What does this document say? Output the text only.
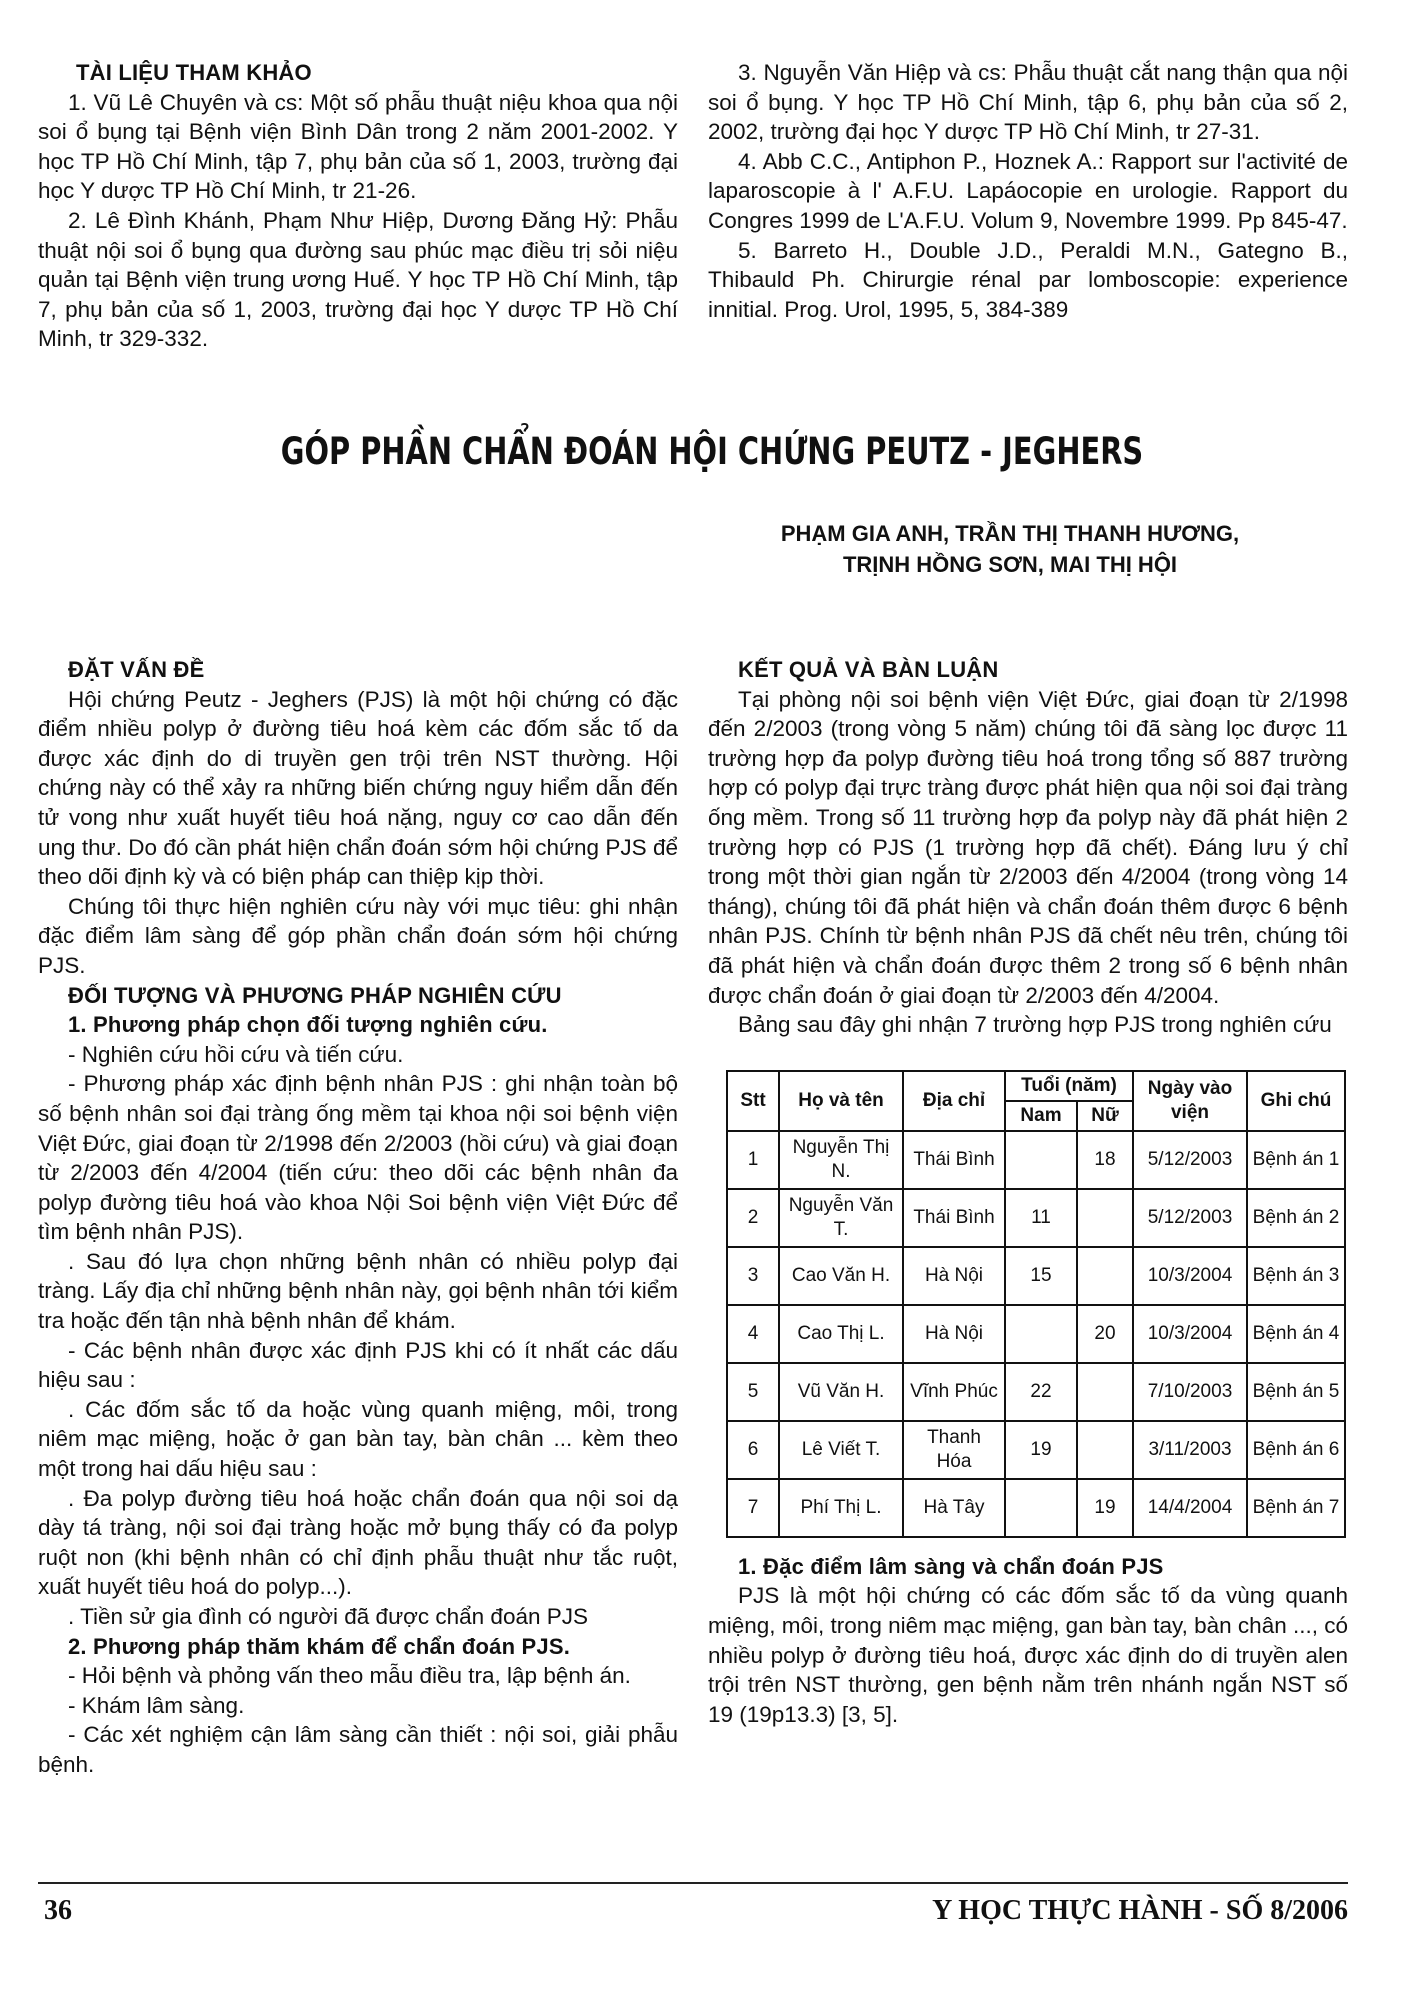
TÀI LIỆU THAM KHẢO

1. Vũ Lê Chuyên và cs: Một số phẫu thuật niệu khoa qua nội soi ổ bụng tại Bệnh viện Bình Dân trong 2 năm 2001-2002. Y học TP Hồ Chí Minh, tập 7, phụ bản của số 1, 2003, trường đại học Y dược TP Hồ Chí Minh, tr 21-26.

2. Lê Đình Khánh, Phạm Như Hiệp, Dương Đăng Hỷ: Phẫu thuật nội soi ổ bụng qua đường sau phúc mạc điều trị sỏi niệu quản tại Bệnh viện trung ương Huế. Y học TP Hồ Chí Minh, tập 7, phụ bản của số 1, 2003, trường đại học Y dược TP Hồ Chí Minh, tr 329-332.

3. Nguyễn Văn Hiệp và cs: Phẫu thuật cắt nang thận qua nội soi ổ bụng. Y học TP Hồ Chí Minh, tập 6, phụ bản của số 2, 2002, trường đại học Y dược TP Hồ Chí Minh, tr 27-31.

4. Abb C.C., Antiphon P., Hoznek A.: Rapport sur l'activité de laparoscopie à l' A.F.U. Lapáocopie en urologie. Rapport du Congres 1999 de L'A.F.U. Volum 9, Novembre 1999. Pp 845-47.

5. Barreto H., Double J.D., Peraldi M.N., Gategno B., Thibauld Ph. Chirurgie rénal par lomboscopie: experience innitial. Prog. Urol, 1995, 5, 384-389

GÓP PHẦN CHẨN ĐOÁN HỘI CHỨNG PEUTZ - JEGHERS
PHẠM GIA ANH, TRẦN THỊ THANH HƯƠNG,
TRỊNH HỒNG SƠN, MAI THỊ HỘI
ĐẶT VẤN ĐỀ

Hội chứng Peutz - Jeghers (PJS) là một hội chứng có đặc điểm nhiều polyp ở đường tiêu hoá kèm các đốm sắc tố da được xác định do di truyền gen trội trên NST thường. Hội chứng này có thể xảy ra những biến chứng nguy hiểm dẫn đến tử vong như xuất huyết tiêu hoá nặng, nguy cơ cao dẫn đến ung thư. Do đó cần phát hiện chẩn đoán sớm hội chứng PJS để theo dõi định kỳ và có biện pháp can thiệp kịp thời.

Chúng tôi thực hiện nghiên cứu này với mục tiêu: ghi nhận đặc điểm lâm sàng để góp phần chẩn đoán sớm hội chứng PJS.

ĐỐI TƯỢNG VÀ PHƯƠNG PHÁP NGHIÊN CỨU
1. Phương pháp chọn đối tượng nghiên cứu.

- Nghiên cứu hồi cứu và tiến cứu.

- Phương pháp xác định bệnh nhân PJS : ghi nhận toàn bộ số bệnh nhân soi đại tràng ống mềm tại khoa nội soi bệnh viện Việt Đức, giai đoạn từ 2/1998 đến 2/2003 (hồi cứu) và giai đoạn từ 2/2003 đến 4/2004 (tiến cứu: theo dõi các bệnh nhân đa polyp đường tiêu hoá vào khoa Nội Soi bệnh viện Việt Đức để tìm bệnh nhân PJS).

. Sau đó lựa chọn những bệnh nhân có nhiều polyp đại tràng. Lấy địa chỉ những bệnh nhân này, gọi bệnh nhân tới kiểm tra hoặc đến tận nhà bệnh nhân để khám.

- Các bệnh nhân được xác định PJS khi có ít nhất các dấu hiệu sau :

. Các đốm sắc tố da hoặc vùng quanh miệng, môi, trong niêm mạc miệng, hoặc ở gan bàn tay, bàn chân ... kèm theo một trong hai dấu hiệu sau :

. Đa polyp đường tiêu hoá hoặc chẩn đoán qua nội soi dạ dày tá tràng, nội soi đại tràng hoặc mở bụng thấy có đa polyp ruột non (khi bệnh nhân có chỉ định phẫu thuật như tắc ruột, xuất huyết tiêu hoá do polyp...).

. Tiền sử gia đình có người đã được chẩn đoán PJS

2. Phương pháp thăm khám để chẩn đoán PJS.

- Hỏi bệnh và phỏng vấn theo mẫu điều tra, lập bệnh án.

- Khám lâm sàng.

- Các xét nghiệm cận lâm sàng cần thiết : nội soi, giải phẫu bệnh.

KẾT QUẢ VÀ BÀN LUẬN

Tại phòng nội soi bệnh viện Việt Đức, giai đoạn từ 2/1998 đến 2/2003 (trong vòng 5 năm) chúng tôi đã sàng lọc được 11 trường hợp đa polyp đường tiêu hoá trong tổng số 887 trường hợp có polyp đại trực tràng được phát hiện qua nội soi đại tràng ống mềm. Trong số 11 trường hợp đa polyp này đã phát hiện 2 trường hợp có PJS (1 trường hợp đã chết). Đáng lưu ý chỉ trong một thời gian ngắn từ 2/2003 đến 4/2004 (trong vòng 14 tháng), chúng tôi đã phát hiện và chẩn đoán thêm được 6 bệnh nhân PJS. Chính từ bệnh nhân PJS đã chết nêu trên, chúng tôi đã phát hiện và chẩn đoán được thêm 2 trong số 6 bệnh nhân được chẩn đoán ở giai đoạn từ 2/2003 đến 4/2004.

Bảng sau đây ghi nhận 7 trường hợp PJS trong nghiên cứu

Stt	Họ và tên	Địa chỉ	Tuổi (năm)		Ngày vào viện	Ghi chú
			Nam	Nữ		
1	Nguyễn Thị N.	Thái Bình		18	5/12/2003	Bệnh án 1
2	Nguyễn Văn T.	Thái Bình	11		5/12/2003	Bệnh án 2
3	Cao Văn H.	Hà Nội	15		10/3/2004	Bệnh án 3
4	Cao Thị L.	Hà Nội		20	10/3/2004	Bệnh án 4
5	Vũ Văn H.	Vĩnh Phúc	22		7/10/2003	Bệnh án 5
6	Lê Viết T.	Thanh Hóa	19		3/11/2003	Bệnh án 6
7	Phí Thị L.	Hà Tây		19	14/4/2004	Bệnh án 7
1. Đặc điểm lâm sàng và chẩn đoán PJS

PJS là một hội chứng có các đốm sắc tố da vùng quanh miệng, môi, trong niêm mạc miệng, gan bàn tay, bàn chân ..., có nhiều polyp ở đường tiêu hoá, được xác định do di truyền alen trội trên NST thường, gen bệnh nằm trên nhánh ngắn NST số 19 (19p13.3) [3, 5].

36	Y HỌC THỰC HÀNH - SỐ 8/2006
